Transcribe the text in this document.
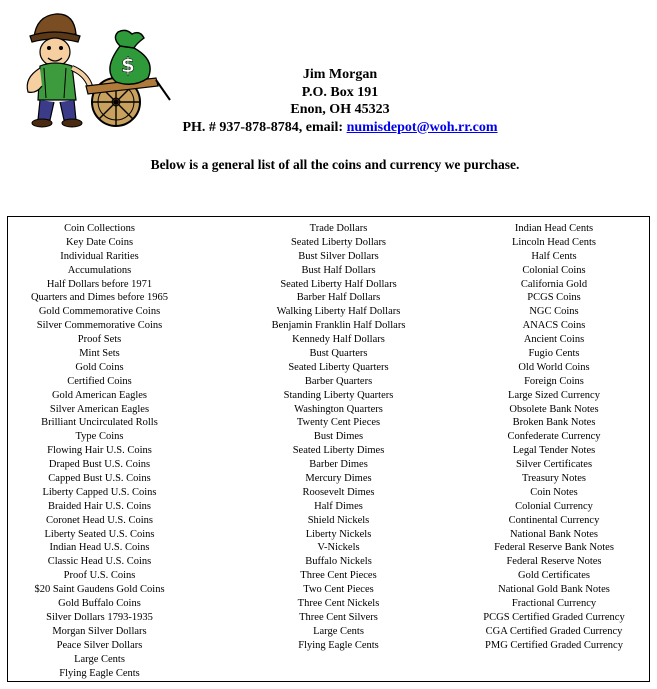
$	Jim Morgan
P.O. Box 191
Enon, OH 45323
PH. # 937-878-8784, email: numisdepot@woh.rr.com
Below is a general list of all the coins and currency we purchase.
Coin Collections
Key Date Coins
Individual Rarities
Accumulations
Half Dollars before 1971
Quarters and Dimes before 1965
Gold Commemorative Coins
Silver Commemorative Coins
Proof Sets
Mint Sets
Gold Coins
Certified Coins
Gold American Eagles
Silver American Eagles
Brilliant Uncirculated Rolls
Type Coins
Flowing Hair U.S. Coins
Draped Bust U.S. Coins
Capped Bust U.S. Coins
Liberty Capped U.S. Coins
Braided Hair U.S. Coins
Coronet Head U.S. Coins
Liberty Seated U.S. Coins
Indian Head U.S. Coins
Classic Head U.S. Coins
Proof U.S. Coins
$20 Saint Gaudens Gold Coins
Gold Buffalo Coins
Silver Dollars 1793-1935
Morgan Silver Dollars
Peace Silver Dollars
Large Cents
Flying Eagle Cents
Trade Dollars
Seated Liberty Dollars
Bust Silver Dollars
Bust Half Dollars
Seated Liberty Half Dollars
Barber Half Dollars
Walking Liberty Half Dollars
Benjamin Franklin Half Dollars
Kennedy Half Dollars
Bust Quarters
Seated Liberty Quarters
Barber Quarters
Standing Liberty Quarters
Washington Quarters
Twenty Cent Pieces
Bust Dimes
Seated Liberty Dimes
Barber Dimes
Mercury Dimes
Roosevelt Dimes
Half Dimes
Shield Nickels
Liberty Nickels
V-Nickels
Buffalo Nickels
Three Cent Pieces
Two Cent Pieces
Three Cent Nickels
Three Cent Silvers
Large Cents
Flying Eagle Cents
Indian Head Cents
Lincoln Head Cents
Half Cents
Colonial Coins
California Gold
PCGS Coins
NGC Coins
ANACS Coins
Ancient Coins
Fugio Cents
Old World Coins
Foreign Coins
Large Sized Currency
Obsolete Bank Notes
Broken Bank Notes
Confederate Currency
Legal Tender Notes
Silver Certificates
Treasury Notes
Coin Notes
Colonial Currency
Continental Currency
National Bank Notes
Federal Reserve Bank Notes
Federal Reserve Notes
Gold Certificates
National Gold Bank Notes
Fractional Currency
PCGS Certified Graded Currency
CGA Certified Graded Currency
PMG Certified Graded Currency
